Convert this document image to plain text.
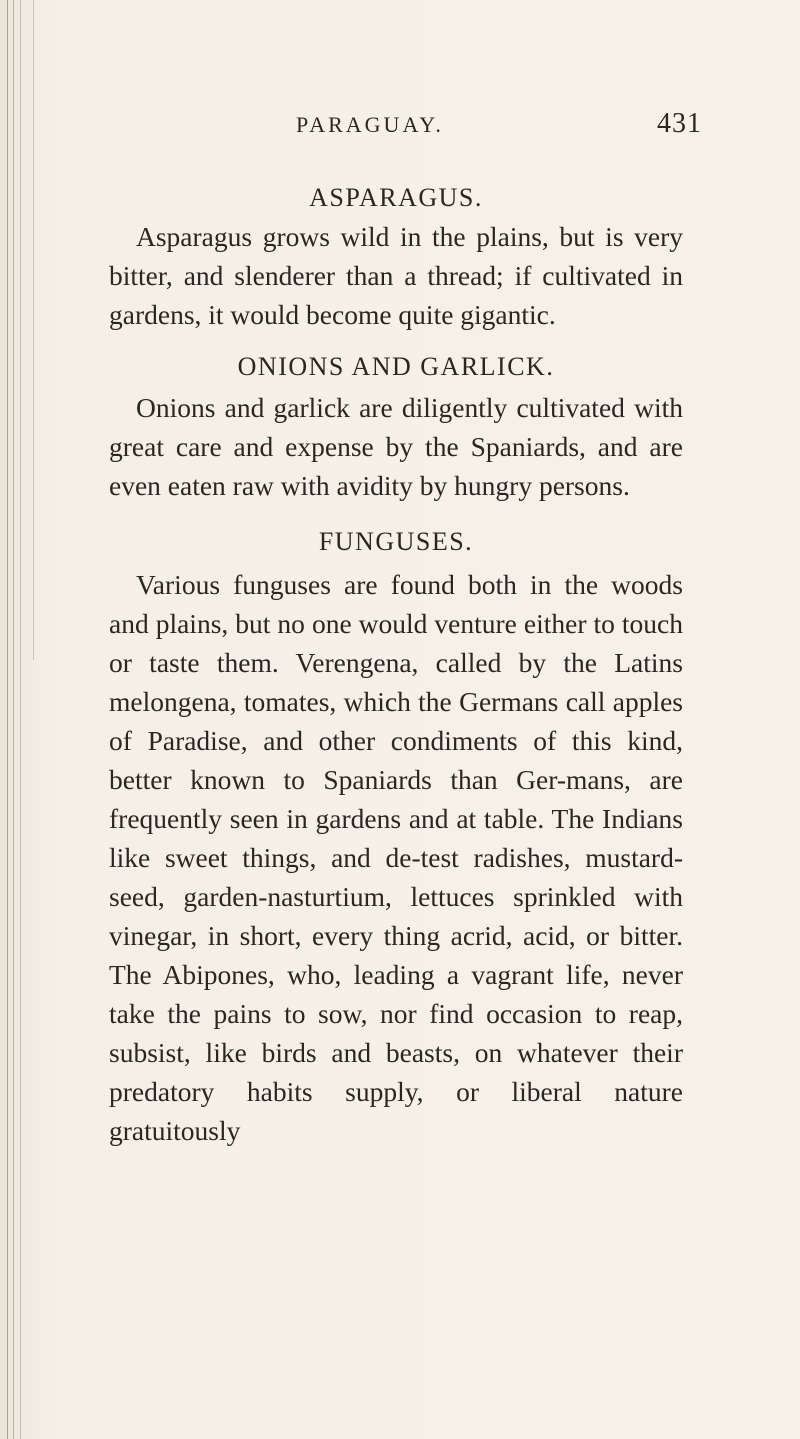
PARAGUAY.	431
ASPARAGUS.

Asparagus grows wild in the plains, but is very bitter, and slenderer than a thread; if cultivated in gardens, it would become quite gigantic.

ONIONS AND GARLICK.

Onions and garlick are diligently cultivated with great care and expense by the Spaniards, and are even eaten raw with avidity by hungry persons.

FUNGUSES.

Various funguses are found both in the woods and plains, but no one would venture either to touch or taste them. Verengena, called by the Latins melongena, tomates, which the Germans call apples of Paradise, and other condiments of this kind, better known to Spaniards than Ger-mans, are frequently seen in gardens and at table. The Indians like sweet things, and de-test radishes, mustard-seed, garden-nasturtium, lettuces sprinkled with vinegar, in short, every thing acrid, acid, or bitter. The Abipones, who, leading a vagrant life, never take the pains to sow, nor find occasion to reap, subsist, like birds and beasts, on whatever their predatory habits supply, or liberal nature gratuitously
